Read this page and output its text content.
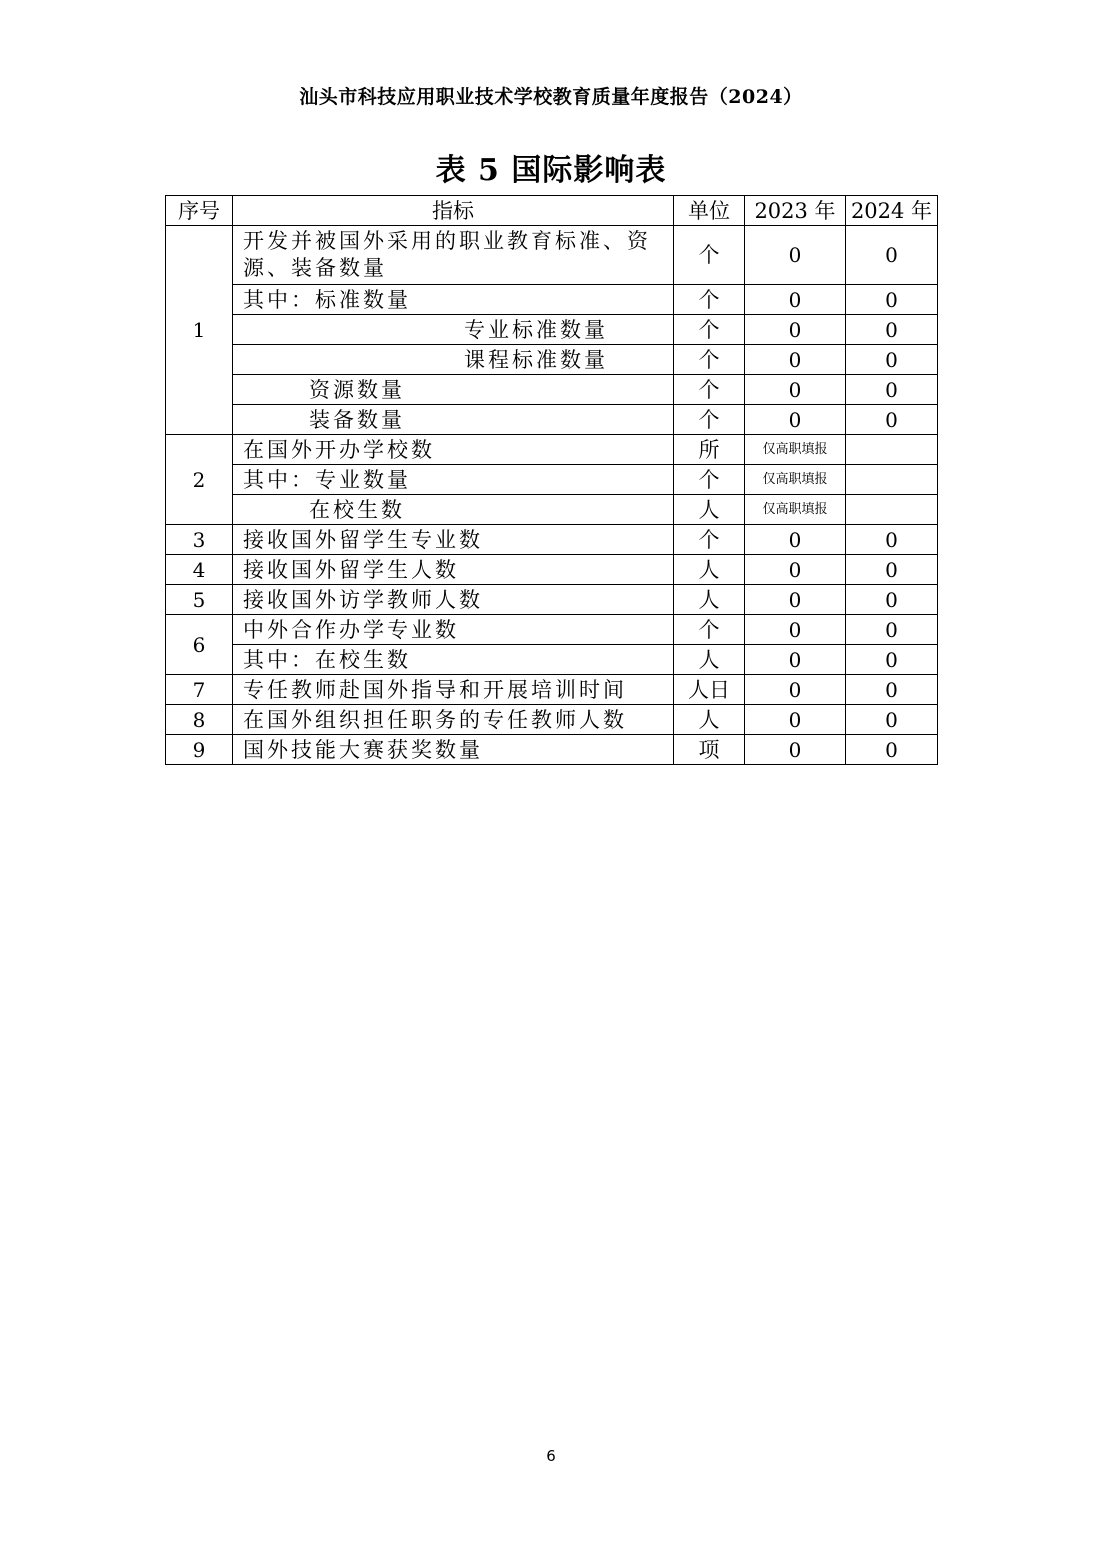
汕头市科技应用职业技术学校教育质量年度报告（2024）
表 5 国际影响表
序号	指标	单位	2023 年	2024 年
1	开发并被国外采用的职业教育标准、资源、装备数量	个	0	0
	其中：标准数量	个	0	0
	专业标准数量	个	0	0
	课程标准数量	个	0	0
	资源数量	个	0	0
	装备数量	个	0	0
2	在国外开办学校数	所	仅高职填报	
	其中：专业数量	个	仅高职填报	
	在校生数	人	仅高职填报	
3	接收国外留学生专业数	个	0	0
4	接收国外留学生人数	人	0	0
5	接收国外访学教师人数	人	0	0
6	中外合作办学专业数	个	0	0
	其中：在校生数	人	0	0
7	专任教师赴国外指导和开展培训时间	人日	0	0
8	在国外组织担任职务的专任教师人数	人	0	0
9	国外技能大赛获奖数量	项	0	0
6
